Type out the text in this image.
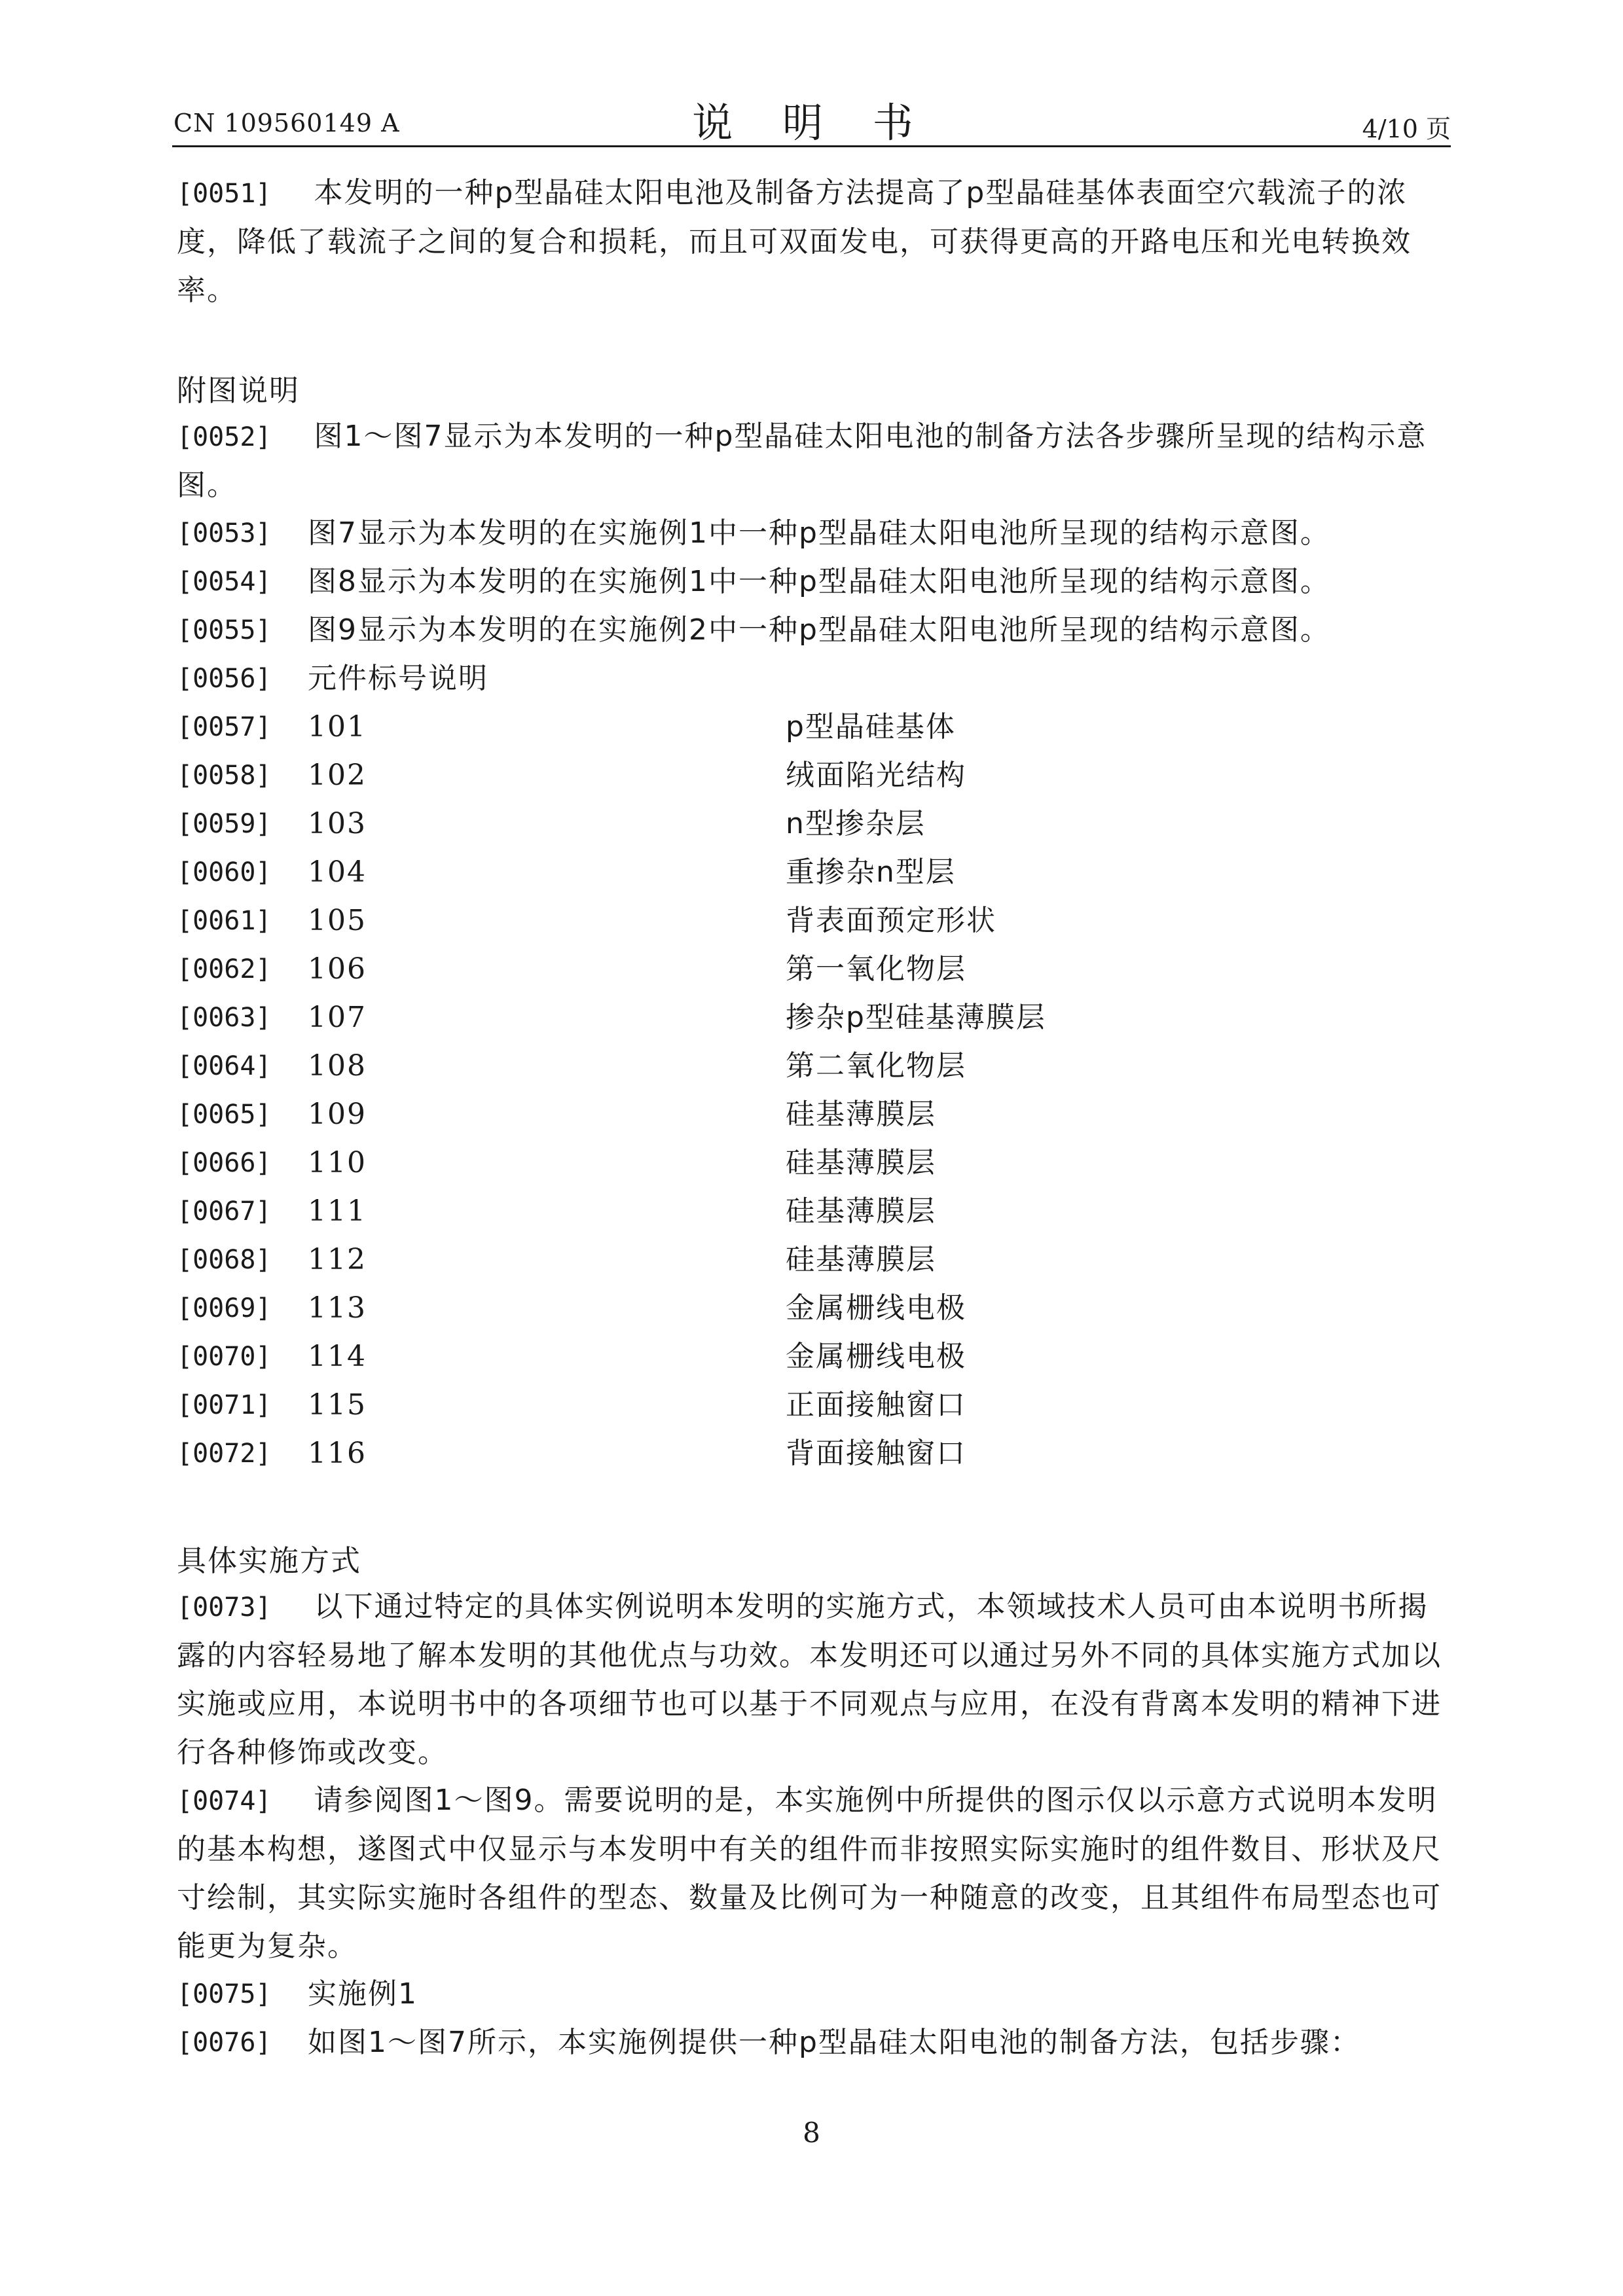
CN 109560149 A	说 明 书	4/10 页
[0051] 本发明的一种p型晶硅太阳电池及制备方法提高了p型晶硅基体表面空穴载流子的浓度，降低了载流子之间的复合和损耗，而且可双面发电，可获得更高的开路电压和光电转换效率。
附图说明
[0052] 图1～图7显示为本发明的一种p型晶硅太阳电池的制备方法各步骤所呈现的结构示意图。
[0053]	图7显示为本发明的在实施例1中一种p型晶硅太阳电池所呈现的结构示意图。
[0054]	图8显示为本发明的在实施例1中一种p型晶硅太阳电池所呈现的结构示意图。
[0055]	图9显示为本发明的在实施例2中一种p型晶硅太阳电池所呈现的结构示意图。
[0056]	元件标号说明
[0057]	101	p型晶硅基体
[0058]	102	绒面陷光结构
[0059]	103	n型掺杂层
[0060]	104	重掺杂n型层
[0061]	105	背表面预定形状
[0062]	106	第一氧化物层
[0063]	107	掺杂p型硅基薄膜层
[0064]	108	第二氧化物层
[0065]	109	硅基薄膜层
[0066]	110	硅基薄膜层
[0067]	111	硅基薄膜层
[0068]	112	硅基薄膜层
[0069]	113	金属栅线电极
[0070]	114	金属栅线电极
[0071]	115	正面接触窗口
[0072]	116	背面接触窗口
具体实施方式
[0073] 以下通过特定的具体实例说明本发明的实施方式，本领域技术人员可由本说明书所揭露的内容轻易地了解本发明的其他优点与功效。本发明还可以通过另外不同的具体实施方式加以实施或应用，本说明书中的各项细节也可以基于不同观点与应用，在没有背离本发明的精神下进行各种修饰或改变。
[0074] 请参阅图1～图9。需要说明的是，本实施例中所提供的图示仅以示意方式说明本发明的基本构想，遂图式中仅显示与本发明中有关的组件而非按照实际实施时的组件数目、形状及尺寸绘制，其实际实施时各组件的型态、数量及比例可为一种随意的改变，且其组件布局型态也可能更为复杂。
[0075]	实施例1
[0076]	如图1～图7所示，本实施例提供一种p型晶硅太阳电池的制备方法，包括步骤：
8
